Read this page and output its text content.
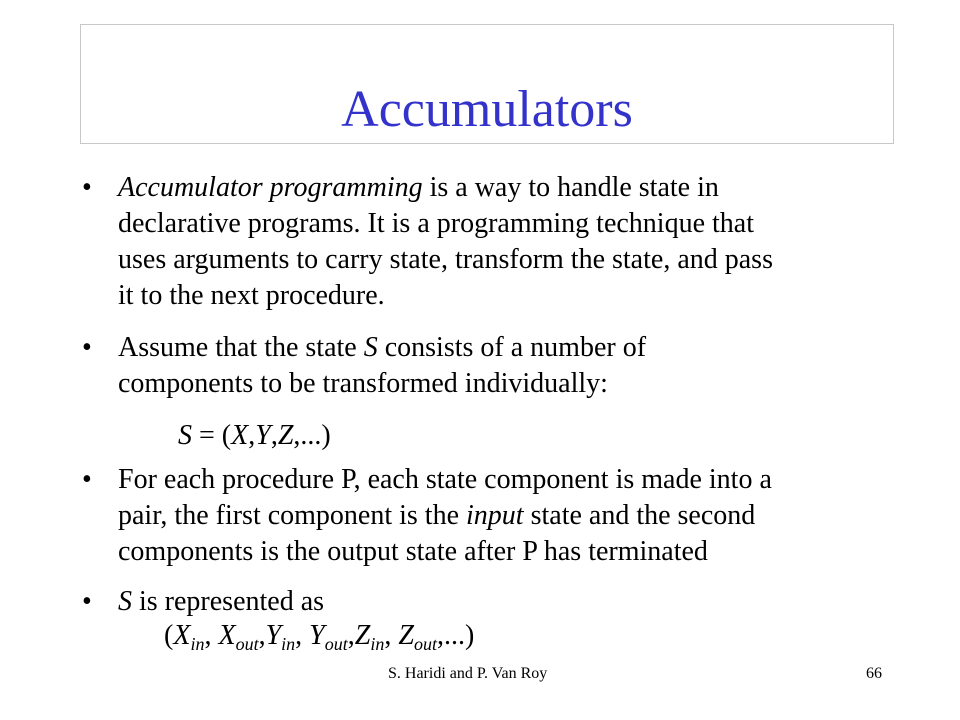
Accumulators
• Accumulator programming is a way to handle state in
declarative programs. It is a programming technique that
uses arguments to carry state, transform the state, and pass
it to the next procedure.
• Assume that the state S consists of a number of
components to be transformed individually:
S = (X,Y,Z,...)
• For each procedure P, each state component is made into a
pair, the first component is the input state and the second
components is the output state after P has terminated
• S is represented as
($X_{in}$, $X_{out},Y_{in}$, $Y_{out},Z_{in}$, $Z_{out}$,...)
S. Haridi and P. Van Roy	66
